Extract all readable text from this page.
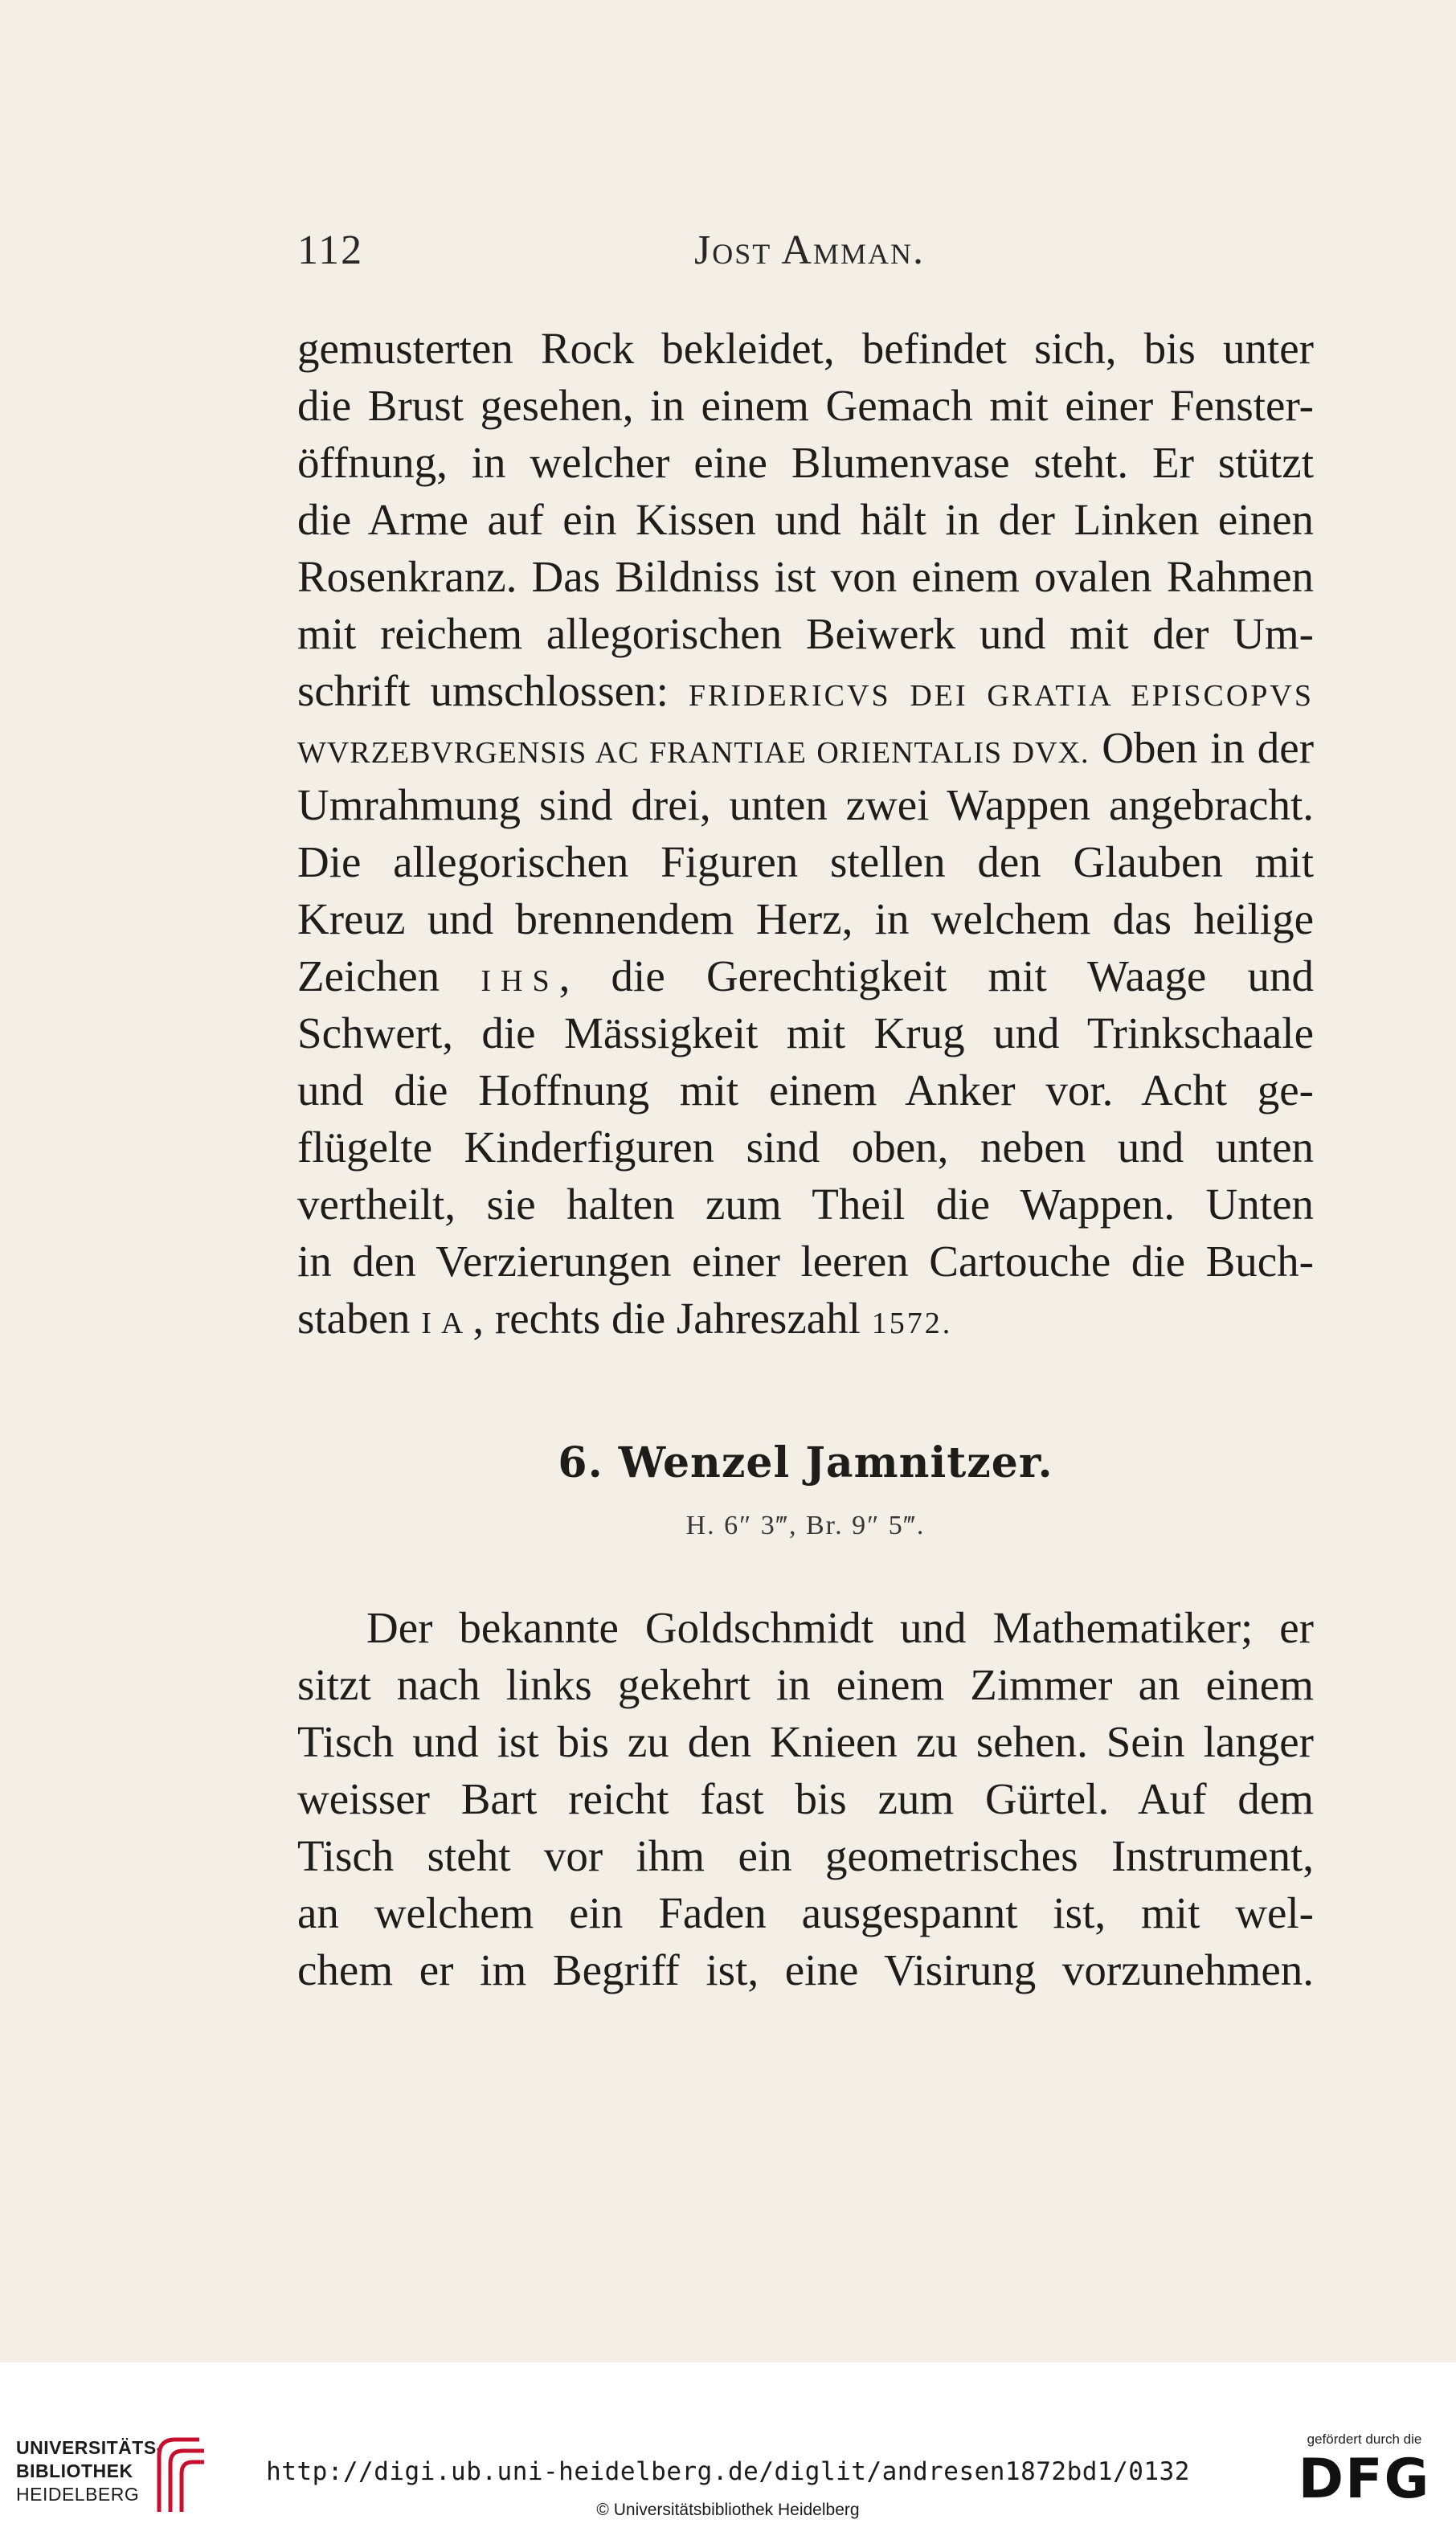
112	Jost Amman.
gemusterten Rock bekleidet, befindet sich, bis unter
die Brust gesehen, in einem Gemach mit einer Fenster-
öffnung, in welcher eine Blumenvase steht. Er stützt
die Arme auf ein Kissen und hält in der Linken einen
Rosenkranz. Das Bildniss ist von einem ovalen Rahmen
mit reichem allegorischen Beiwerk und mit der Um-
schrift umschlossen: FRIDERICVS DEI GRATIA EPISCOPVS
WVRZEBVRGENSIS AC FRANTIAE ORIENTALIS DVX. Oben in der
Umrahmung sind drei, unten zwei Wappen angebracht.
Die allegorischen Figuren stellen den Glauben mit
Kreuz und brennendem Herz, in welchem das heilige
Zeichen IHS, die Gerechtigkeit mit Waage und
Schwert, die Mässigkeit mit Krug und Trinkschaale
und die Hoffnung mit einem Anker vor. Acht ge-
flügelte Kinderfiguren sind oben, neben und unten
vertheilt, sie halten zum Theil die Wappen. Unten
in den Verzierungen einer leeren Cartouche die Buch-
staben IA, rechts die Jahreszahl 1572.
6. Wenzel Jamnitzer.
H. 6″ 3‴, Br. 9″ 5‴.
Der bekannte Goldschmidt und Mathematiker; er
sitzt nach links gekehrt in einem Zimmer an einem
Tisch und ist bis zu den Knieen zu sehen. Sein langer
weisser Bart reicht fast bis zum Gürtel. Auf dem
Tisch steht vor ihm ein geometrisches Instrument,
an welchem ein Faden ausgespannt ist, mit wel-
chem er im Begriff ist, eine Visirung vorzunehmen.
UNIVERSITÄTS-
BIBLIOTHEK
HEIDELBERG
http://digi.ub.uni-heidelberg.de/diglit/andresen1872bd1/0132
© Universitätsbibliothek Heidelberg
gefördert durch die
DFG
